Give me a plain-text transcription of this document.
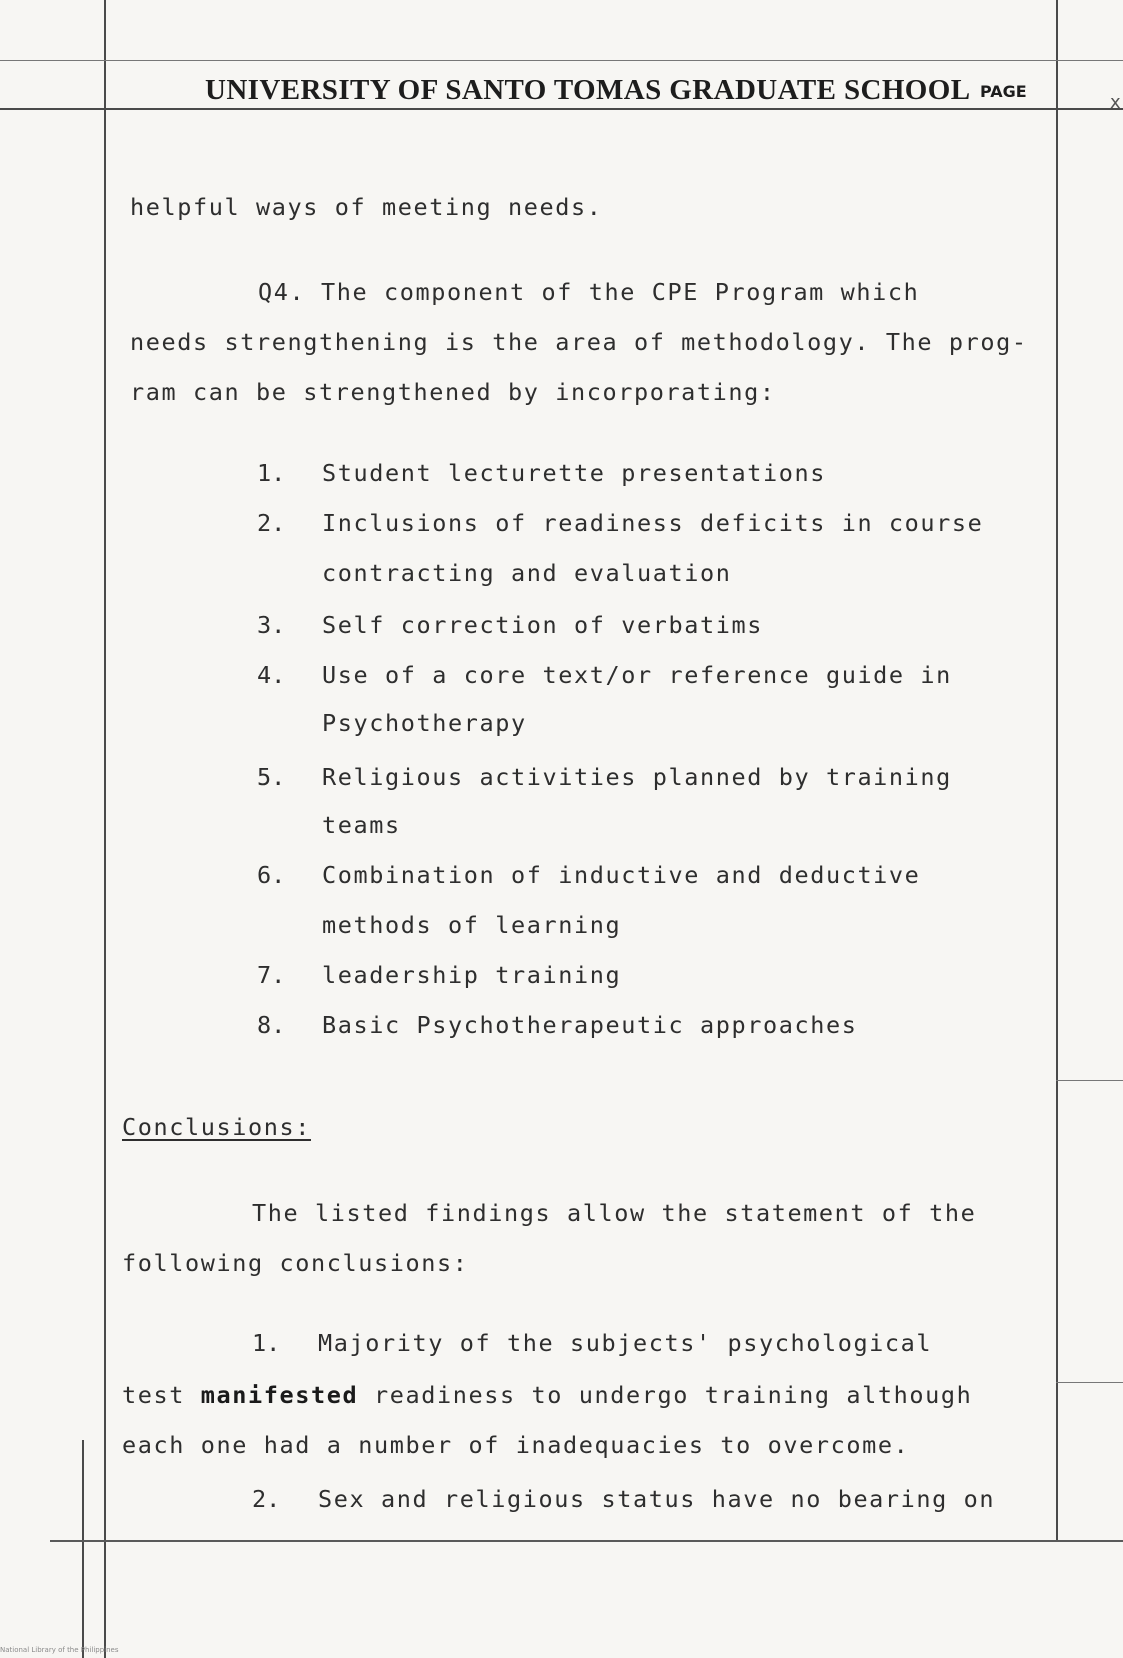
UNIVERSITY OF SANTO TOMAS GRADUATE SCHOOL PAGE
x
helpful ways of meeting needs.
Q4. The component of the CPE Program which
needs strengthening is the area of methodology. The prog-
ram can be strengthened by incorporating:
1. Student lecturette presentations
2. Inclusions of readiness deficits in course
contracting and evaluation
3. Self correction of verbatims
4. Use of a core text/or reference guide in
Psychotherapy
5. Religious activities planned by training
teams
6. Combination of inductive and deductive
methods of learning
7. leadership training
8. Basic Psychotherapeutic approaches
Conclusions:
The listed findings allow the statement of the
following conclusions:
1. Majority of the subjects' psychological
test manifested readiness to undergo training although
each one had a number of inadequacies to overcome.
2. Sex and religious status have no bearing on
National Library of the Philippines
